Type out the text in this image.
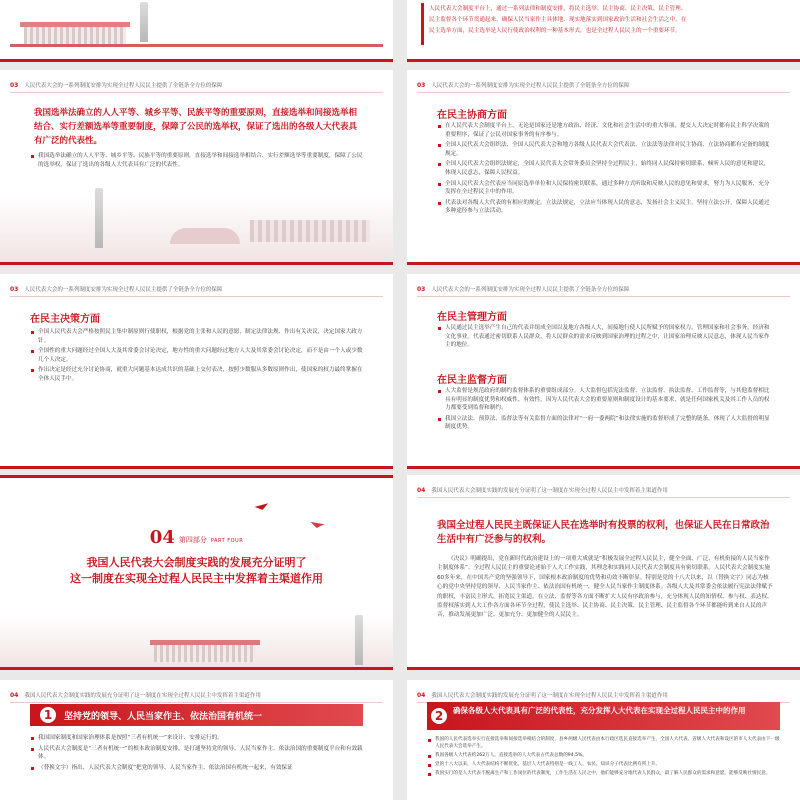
人民代表大会制度平台上，通过一系列法律和制度安排，将民主选举、民主协商、民主决策、民主管理、
民主监督各个环节贯通起来，确保人民当家作主具体地、现实地落实到国家政治生活和社会生活之中。在
民主选举方面，民主选举是人民行使政治权利的一种基本形式，也是全过程人民民主的一个重要环节。
03 人民代表大会的一系列制度安排为实现全过程人民民主提供了全链条全方位的保障
我国选举法确立的人人平等、城乡平等、民族平等的重要原则，直接选举和间接选举相结合、实行差额选举等重要制度，保障了公民的选举权，保证了选出的各级人大代表具有广泛的代表性。
我国选举法确立的人人平等、城乡平等、民族平等的重要原则，直接选举和间接选举相结合、实行差额选举等重要制度，保障了公民的选举权，保证了选出的各级人大代表具有广泛的代表性。
03 人民代表大会的一系列制度安排为实现全过程人民民主提供了全链条全方位的保障
在民主协商方面
在人民代表大会制度平台上，无论是国家还是地方政治、经济、文化和社会生活中的重大事项，提交人大决定时都有民主科学决策的重要程序，保证了公民对国家事务的有序参与。
全国人民代表大会组织法、全国人民代表大会和地方各级人民代表大会代表法、立法法等法律对民主协商、立法协商都有完备的制度规定。
全国人民代表大会组织法规定，全国人民代表大会常务委员会坚持全过程民主，始终同人民保持密切联系，倾听人民的意见和建议，体现人民意志，保障人民权益。
全国人民代表大会代表应当同原选举单位和人民保持密切联系，通过多种方式听取和反映人民的意见和要求，努力为人民服务，充分发挥在全过程民主中的作用。
代表法对各级人大代表的有相应的规定。立法法规定，立法应当体现人民的意志，发扬社会主义民主，坚持立法公开，保障人民通过多种途径参与立法活动。
03 人民代表大会的一系列制度安排为实现全过程人民民主提供了全链条全方位的保障
在民主决策方面
全国人民代表大会严格按照民主集中制原则行使职权，根据党的主张和人民的意愿，制定法律法规、作出有关决议，决定国家大政方针。
全国性的重大问题经过全国人大及其常委会讨论决定，地方性的重大问题经过地方人大及其常委会讨论决定，而不是由一个人或少数几个人决定。
作出决定是经过充分讨论协商，就重大问题基本达成共识的基础上交付表决，按照少数服从多数原则作出，使国家的权力最终掌握在全体人民手中。
03 人民代表大会的一系列制度安排为实现全过程人民民主提供了全链条全方位的保障
在民主管理方面
人民通过民主选举产生自己的代表并组成全国以及地方各级人大，间接地行使人民所赋予的国家权力，管理国家和社会事务，经济和文化事业。代表通过密切联系人民群众，将人民群众的需求反映到国家治理的过程之中，让国家治理反映人民意志，体现人民当家作主的地位。
在民主监督方面
人大监督是规范政府的制约监督体系的重要组成部分。人大监督包括宪法监督、立法监督、执法监督、工作监督等，与其他监督相比具有明显的制度优势和权威性、有效性。因为人民代表大会的重要原则和制度设计的基本要求，就是任何国家机关及其工作人员的权力都要受到监督和制约。
我国立法法、预算法、监督法等有关监督方面的法律对“一府一委两院”和法律实施的监督形成了完整的链条，体现了人大监督的明显制度优势。
04 第四部分 PART FOUR
我国人民代表大会制度实践的发展充分证明了
这一制度在实现全过程人民民主中发挥着主渠道作用
04 我国人民代表大会制度实践的发展充分证明了这一制度在实现全过程人民民主中发挥着主渠道作用
我国全过程人民民主既保证人民在选举时有投票的权利，也保证人民在日常政治生活中有广泛参与的权利。
《决议》明确提出，党在新时代政治建设上的一项重大成就是“积极发展全过程人民民主，健全全面、广泛、有机衔接的人民当家作主制度体系”。全过程人民民主的重要论述始于人大工作实践，其理念和实践同人民代表大会制度具有密切联系。人民代表大会制度实施60多年来，在中国共产党的坚强领导下，国家根本政治制度的优势和功效不断彰显。特别是党的十八大以来，以（替换文字）同志为核心的党中央坚持党的领导、人民当家作主、依法治国有机统一，健全人民当家作主制度体系。各级人大及其常委会依法履行宪法法律赋予的职权，丰富民主形式，拓宽民主渠道，在立法、监督等各方面不断扩大人民有序政治参与，充分体现人民的知情权、参与权、表达权、监督权落实到人大工作各方面各环节全过程，使民主选举、民主协商、民主决策、民主管理、民主监督各个环节都能听到来自人民的声音，推动发展更加广泛、更加充分、更加健全的人民民主。
04 我国人民代表大会制度实践的发展充分证明了这一制度在实现全过程人民民主中发挥着主渠道作用
1	坚持党的领导、人民当家作主、依法治国有机统一
我国国家制度和国家治理体系是按照“三者有机统一”来设计、安排运行的。
人民代表大会制度是“三者有机统一”的根本政治制度安排，是打通坚持党的领导、人民当家作主、依法治国的重要制度平台和有效载体。
（替换文字）指出，人民代表大会制度“把党的领导、人民当家作主、依法治国有机统一起来，有效保证
04 我国人民代表大会制度实践的发展充分证明了这一制度在实现全过程人民民主中发挥着主渠道作用
2	确保各级人大代表具有广泛的代表性，充分发挥人大代表在实现全过程人民民主中的作用
我国的人民代表选举实行直接选举和间接选举相结合的制度，县乡两级人民代表由本行政区选民直接选举产生，全国人大代表、省级人大代表和设区的市人大代表由下一级人民代表大会选举产生。
我国各级人大代表约262万人，直接选举的人大代表占代表总数的94.5%。
党的十八大以来，人大代表结构不断优化，基层人大代表特别是一线工人、农民、知识分子代表比例有所上升。
我国实行的是人大代表不脱离生产和工作岗位的代表制度，工作生活在人民之中，他们能够充分地代表人民群众，最了解人民群众的需求和意愿，能够反映社情民意。
